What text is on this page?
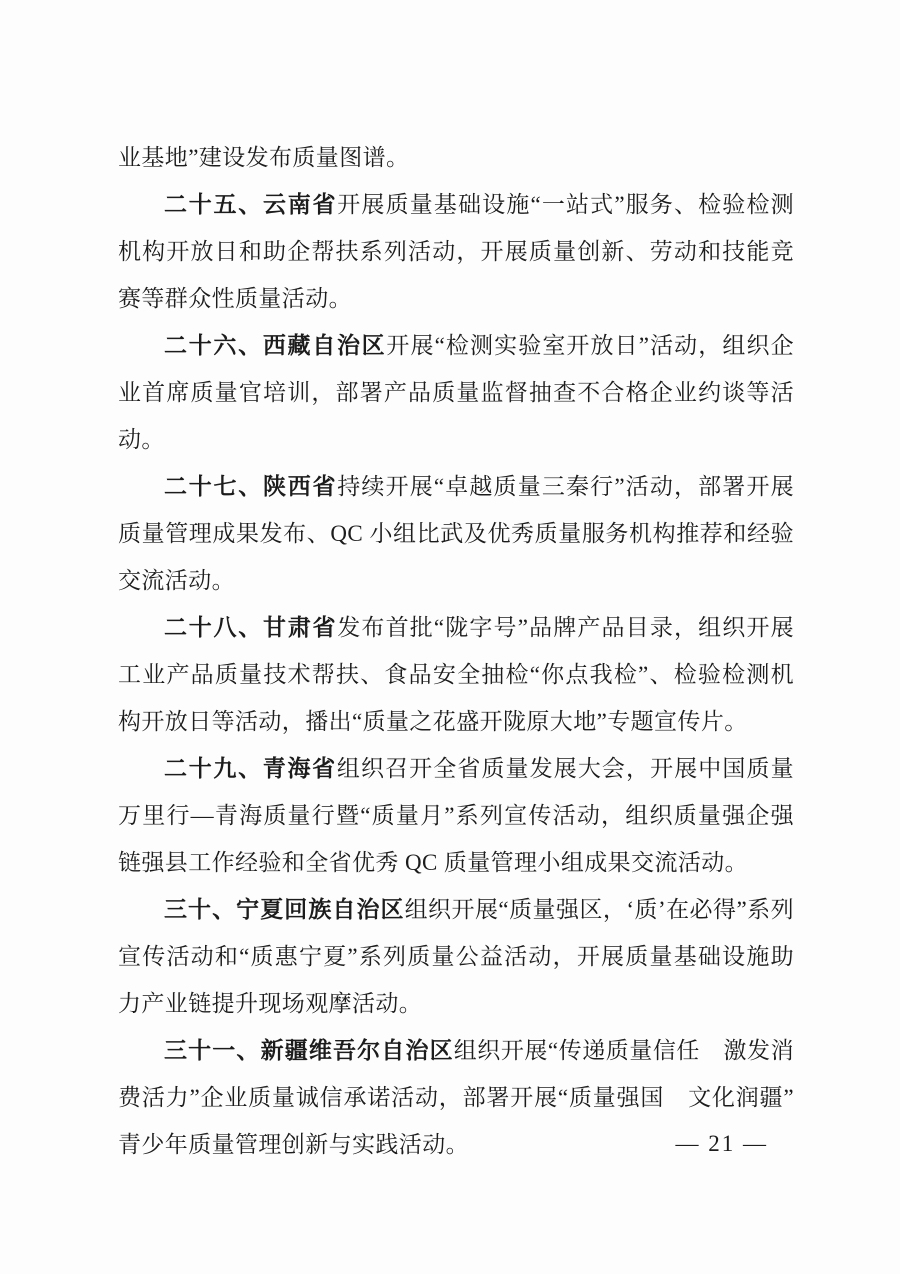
业基地”建设发布质量图谱。

二十五、云南省开展质量基础设施“一站式”服务、检验检测机构开放日和助企帮扶系列活动，开展质量创新、劳动和技能竞赛等群众性质量活动。

二十六、西藏自治区开展“检测实验室开放日”活动，组织企业首席质量官培训，部署产品质量监督抽查不合格企业约谈等活动。

二十七、陕西省持续开展“卓越质量三秦行”活动，部署开展质量管理成果发布、QC 小组比武及优秀质量服务机构推荐和经验交流活动。

二十八、甘肃省发布首批“陇字号”品牌产品目录，组织开展工业产品质量技术帮扶、食品安全抽检“你点我检”、检验检测机构开放日等活动，播出“质量之花盛开陇原大地”专题宣传片。

二十九、青海省组织召开全省质量发展大会，开展中国质量万里行—青海质量行暨“质量月”系列宣传活动，组织质量强企强链强县工作经验和全省优秀 QC 质量管理小组成果交流活动。

三十、宁夏回族自治区组织开展“质量强区，‘质’在必得”系列宣传活动和“质惠宁夏”系列质量公益活动，开展质量基础设施助力产业链提升现场观摩活动。

三十一、新疆维吾尔自治区组织开展“传递质量信任　激发消费活力”企业质量诚信承诺活动，部署开展“质量强国　文化润疆”青少年质量管理创新与实践活动。	— 21 —
